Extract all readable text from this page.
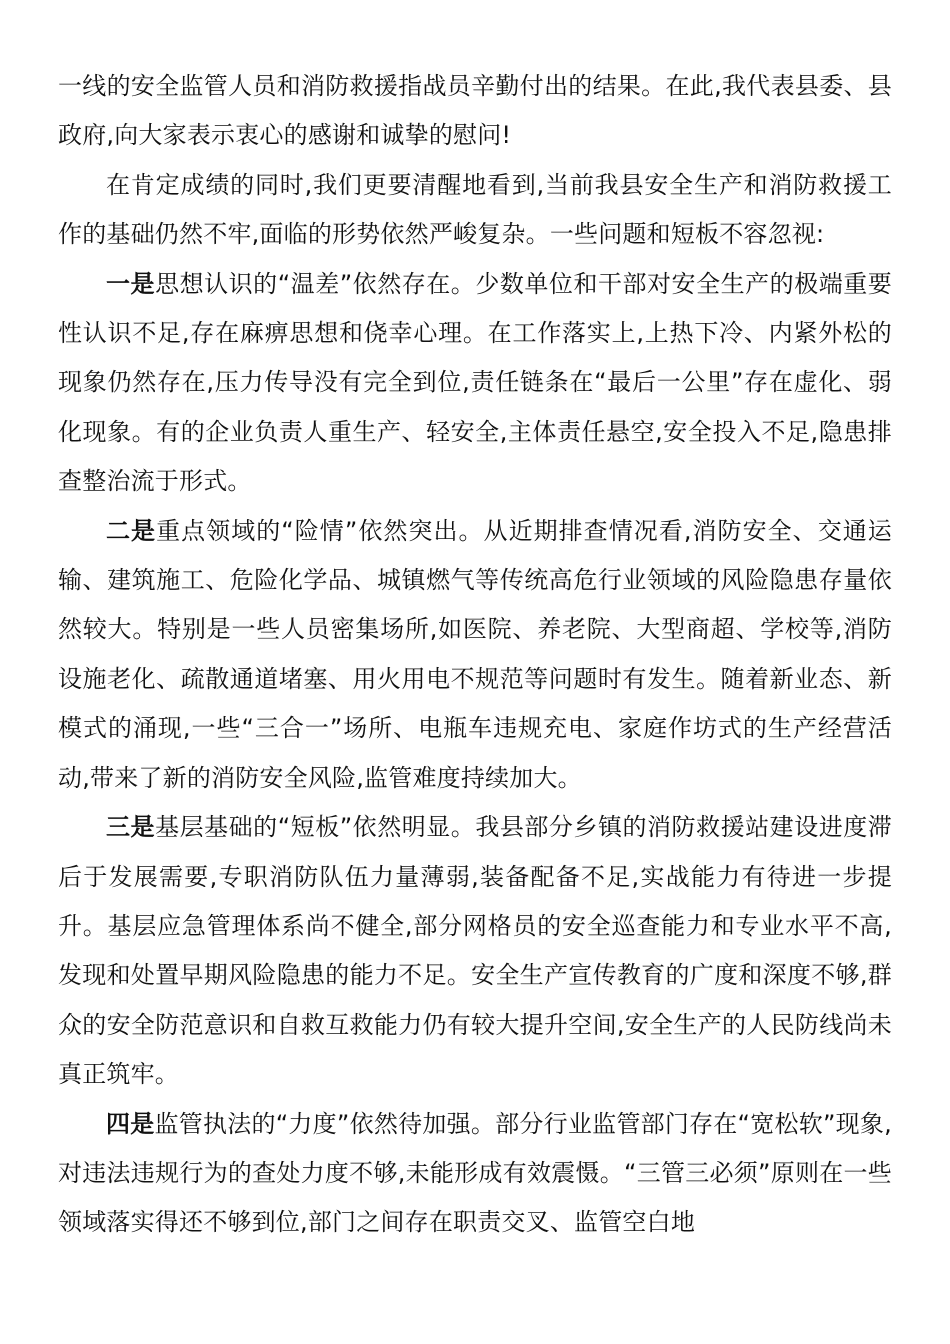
一线的安全监管人员和消防救援指战员辛勤付出的结果。在此,我代表县委、县政府,向大家表示衷心的感谢和诚挚的慰问!

在肯定成绩的同时,我们更要清醒地看到,当前我县安全生产和消防救援工作的基础仍然不牢,面临的形势依然严峻复杂。一些问题和短板不容忽视:

一是思想认识的“温差”依然存在。少数单位和干部对安全生产的极端重要性认识不足,存在麻痹思想和侥幸心理。在工作落实上,上热下冷、内紧外松的现象仍然存在,压力传导没有完全到位,责任链条在“最后一公里”存在虚化、弱化现象。有的企业负责人重生产、轻安全,主体责任悬空,安全投入不足,隐患排查整治流于形式。

二是重点领域的“险情”依然突出。从近期排查情况看,消防安全、交通运输、建筑施工、危险化学品、城镇燃气等传统高危行业领域的风险隐患存量依然较大。特别是一些人员密集场所,如医院、养老院、大型商超、学校等,消防设施老化、疏散通道堵塞、用火用电不规范等问题时有发生。随着新业态、新模式的涌现,一些“三合一”场所、电瓶车违规充电、家庭作坊式的生产经营活动,带来了新的消防安全风险,监管难度持续加大。

三是基层基础的“短板”依然明显。我县部分乡镇的消防救援站建设进度滞后于发展需要,专职消防队伍力量薄弱,装备配备不足,实战能力有待进一步提升。基层应急管理体系尚不健全,部分网格员的安全巡查能力和专业水平不高,发现和处置早期风险隐患的能力不足。安全生产宣传教育的广度和深度不够,群众的安全防范意识和自救互救能力仍有较大提升空间,安全生产的人民防线尚未真正筑牢。

四是监管执法的“力度”依然待加强。部分行业监管部门存在“宽松软”现象,对违法违规行为的查处力度不够,未能形成有效震慑。“三管三必须”原则在一些领域落实得还不够到位,部门之间存在职责交叉、监管空白地
